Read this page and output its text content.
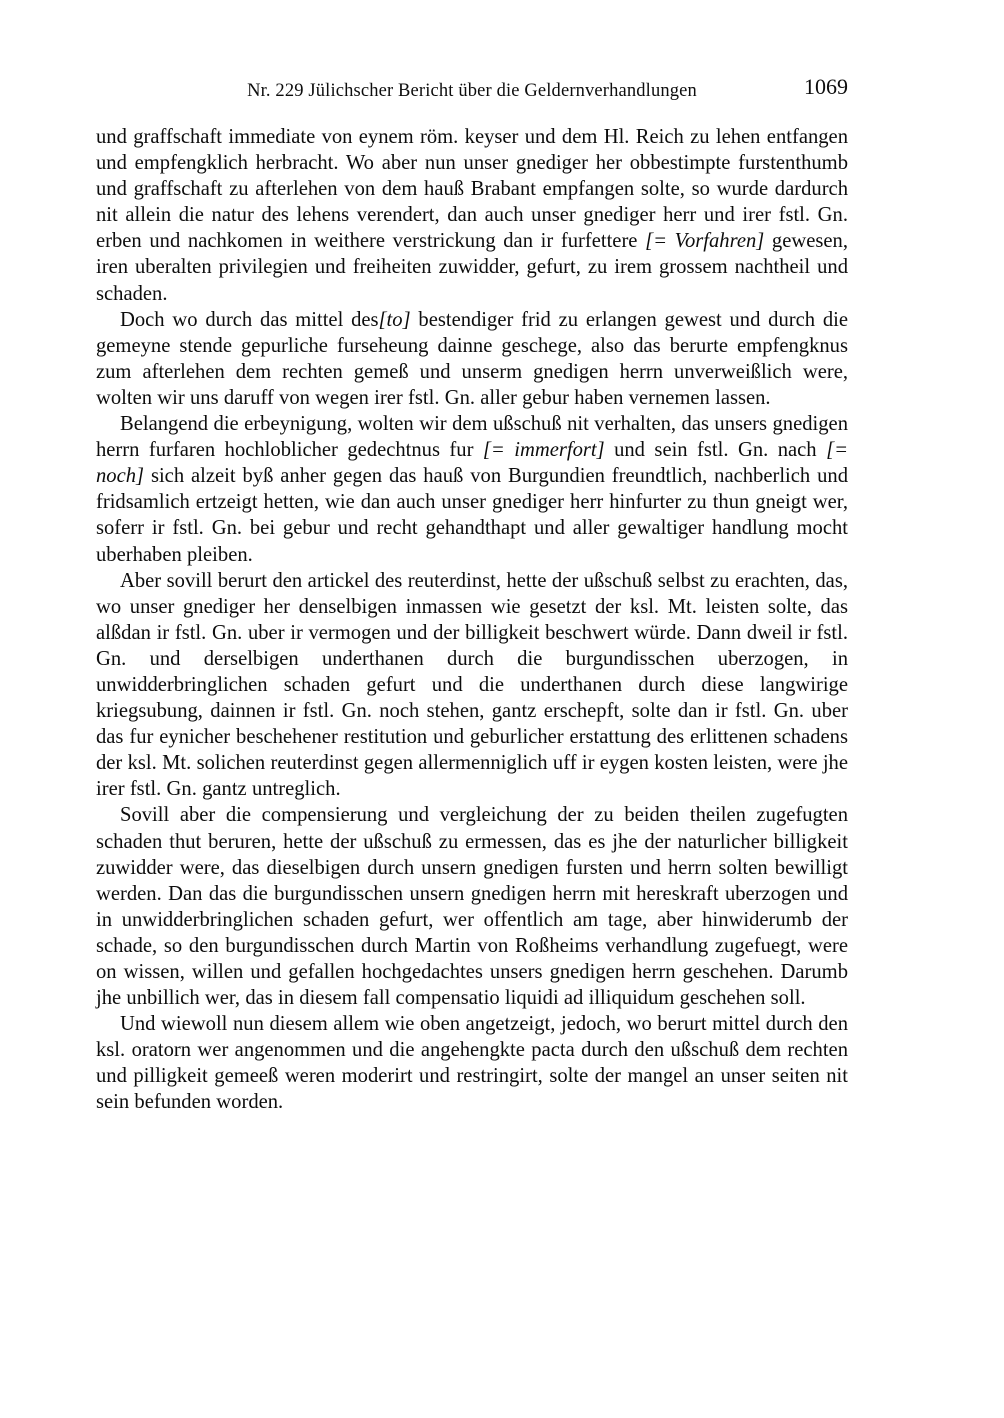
Nr. 229 Jülichscher Bericht über die Geldernverhandlungen	1069

und graffschaft immediate von eynem röm. keyser und dem Hl. Reich zu lehen entfangen und empfengklich herbracht. Wo aber nun unser gnediger her obbestimpte furstenthumb und graffschaft zu afterlehen von dem hauß Brabant empfangen solte, so wurde dardurch nit allein die natur des lehens verendert, dan auch unser gnediger herr und irer fstl. Gn. erben und nachkomen in weithere verstrickung dan ir furfettere [= Vorfahren] gewesen, iren uberalten privilegien und freiheiten zuwidder, gefurt, zu irem grossem nachtheil und schaden.

Doch wo durch das mittel des[to] bestendiger frid zu erlangen gewest und durch die gemeyne stende gepurliche furseheung dainne geschege, also das berurte empfengknus zum afterlehen dem rechten gemeß und unserm gnedigen herrn unverweißlich were, wolten wir uns daruff von wegen irer fstl. Gn. aller gebur haben vernemen lassen.

Belangend die erbeynigung, wolten wir dem ußschuß nit verhalten, das unsers gnedigen herrn furfaren hochloblicher gedechtnus fur [= immerfort] und sein fstl. Gn. nach [= noch] sich alzeit byß anher gegen das hauß von Burgundien freundtlich, nachberlich und fridsamlich ertzeigt hetten, wie dan auch unser gnediger herr hinfurter zu thun gneigt wer, soferr ir fstl. Gn. bei gebur und recht gehandthapt und aller gewaltiger handlung mocht uberhaben pleiben.

Aber sovill berurt den artickel des reuterdinst, hette der ußschuß selbst zu erachten, das, wo unser gnediger her denselbigen inmassen wie gesetzt der ksl. Mt. leisten solte, das alßdan ir fstl. Gn. uber ir vermogen und der billigkeit beschwert würde. Dann dweil ir fstl. Gn. und derselbigen underthanen durch die burgundisschen uberzogen, in unwidderbringlichen schaden gefurt und die underthanen durch diese langwirige kriegsubung, dainnen ir fstl. Gn. noch stehen, gantz erschepft, solte dan ir fstl. Gn. uber das fur eynicher beschehener restitution und geburlicher erstattung des erlittenen schadens der ksl. Mt. solichen reuterdinst gegen allermenniglich uff ir eygen kosten leisten, were jhe irer fstl. Gn. gantz untreglich.

Sovill aber die compensierung und vergleichung der zu beiden theilen zugefugten schaden thut beruren, hette der ußschuß zu ermessen, das es jhe der naturlicher billigkeit zuwidder were, das dieselbigen durch unsern gnedigen fursten und herrn solten bewilligt werden. Dan das die burgundisschen unsern gnedigen herrn mit hereskraft uberzogen und in unwidderbringlichen schaden gefurt, wer offentlich am tage, aber hinwiderumb der schade, so den burgundisschen durch Martin von Roßheims verhandlung zugefuegt, were on wissen, willen und gefallen hochgedachtes unsers gnedigen herrn geschehen. Darumb jhe unbillich wer, das in diesem fall compensatio liquidi ad illiquidum geschehen soll.

Und wiewoll nun diesem allem wie oben angetzeigt, jedoch, wo berurt mittel durch den ksl. oratorn wer angenommen und die angehengkte pacta durch den ußschuß dem rechten und pilligkeit gemeeß weren moderirt und restringirt, solte der mangel an unser seiten nit sein befunden worden.
